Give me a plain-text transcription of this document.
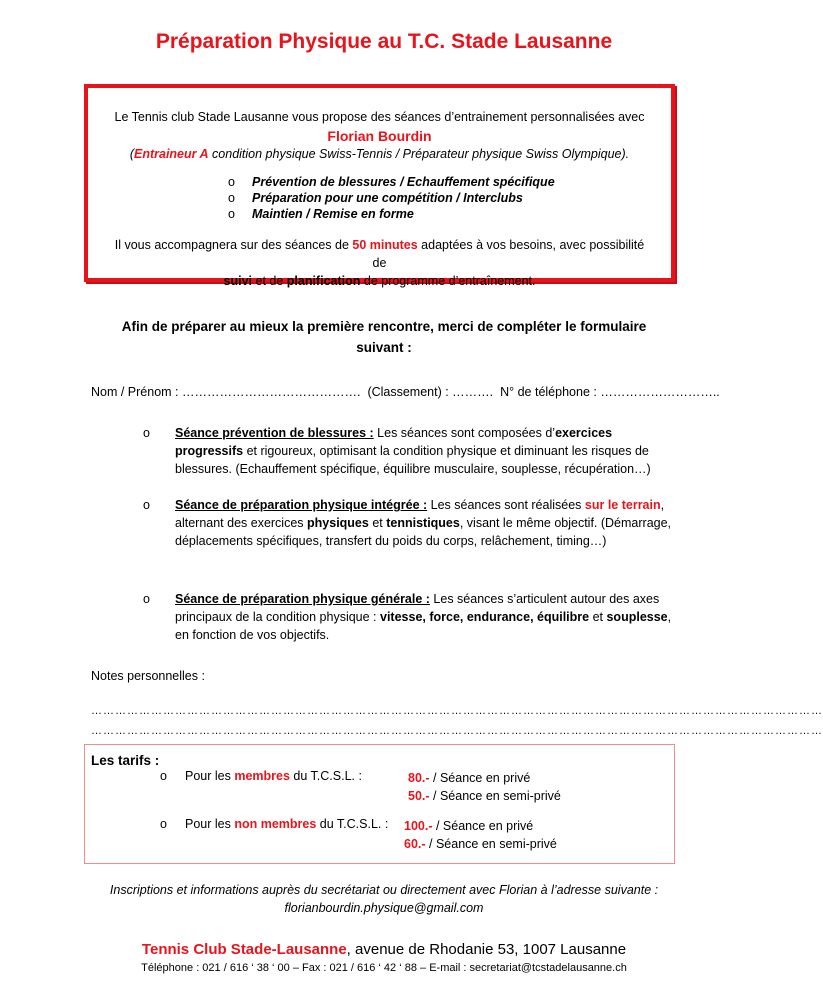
Préparation Physique au T.C. Stade Lausanne

Le Tennis club Stade Lausanne vous propose des séances d’entrainement personnalisées avec

Florian Bourdin

(Entraineur A condition physique Swiss-Tennis / Préparateur physique Swiss Olympique).

o Prévention de blessures / Echauffement spécifique
o Préparation pour une compétition / Interclubs
o Maintien / Remise en forme

Il vous accompagnera sur des séances de 50 minutes adaptées à vos besoins, avec possibilité de
suivi et de planification de programme d’entraînement.

Afin de préparer au mieux la première rencontre, merci de compléter le formulaire
suivant :
Nom / Prénom : ……………………………………. (Classement) : ………. N° de téléphone : ………………………..
o Séance prévention de blessures : Les séances sont composées d’exercices progressifs et rigoureux, optimisant la condition physique et diminuant les risques de blessures. (Echauffement spécifique, équilibre musculaire, souplesse, récupération…)
o Séance de préparation physique intégrée : Les séances sont réalisées sur le terrain, alternant des exercices physiques et tennistiques, visant le même objectif. (Démarrage, déplacements spécifiques, transfert du poids du corps, relâchement, timing…)
o Séance de préparation physique générale : Les séances s’articulent autour des axes principaux de la condition physique : vitesse, force, endurance, équilibre et souplesse, en fonction de vos objectifs.
Notes personnelles :
…………………………………………………………………………………………………………………………………………………………………
…………………………………………………………………………………………………………………………………………………………………
Les tarifs :
o Pour les membres du T.C.S.L. :	80.- / Séance en privé
50.- / Séance en semi-privé
o Pour les non membres du T.C.S.L. : 100.- / Séance en privé
60.- / Séance en semi-privé
Inscriptions et informations auprès du secrétariat ou directement avec Florian à l’adresse suivante :
florianbourdin.physique@gmail.com
Tennis Club Stade-Lausanne, avenue de Rhodanie 53, 1007 Lausanne
Téléphone : 021 / 616 ‘ 38 ‘ 00 – Fax : 021 / 616 ‘ 42 ‘ 88 – E-mail : secretariat@tcstadelausanne.ch
